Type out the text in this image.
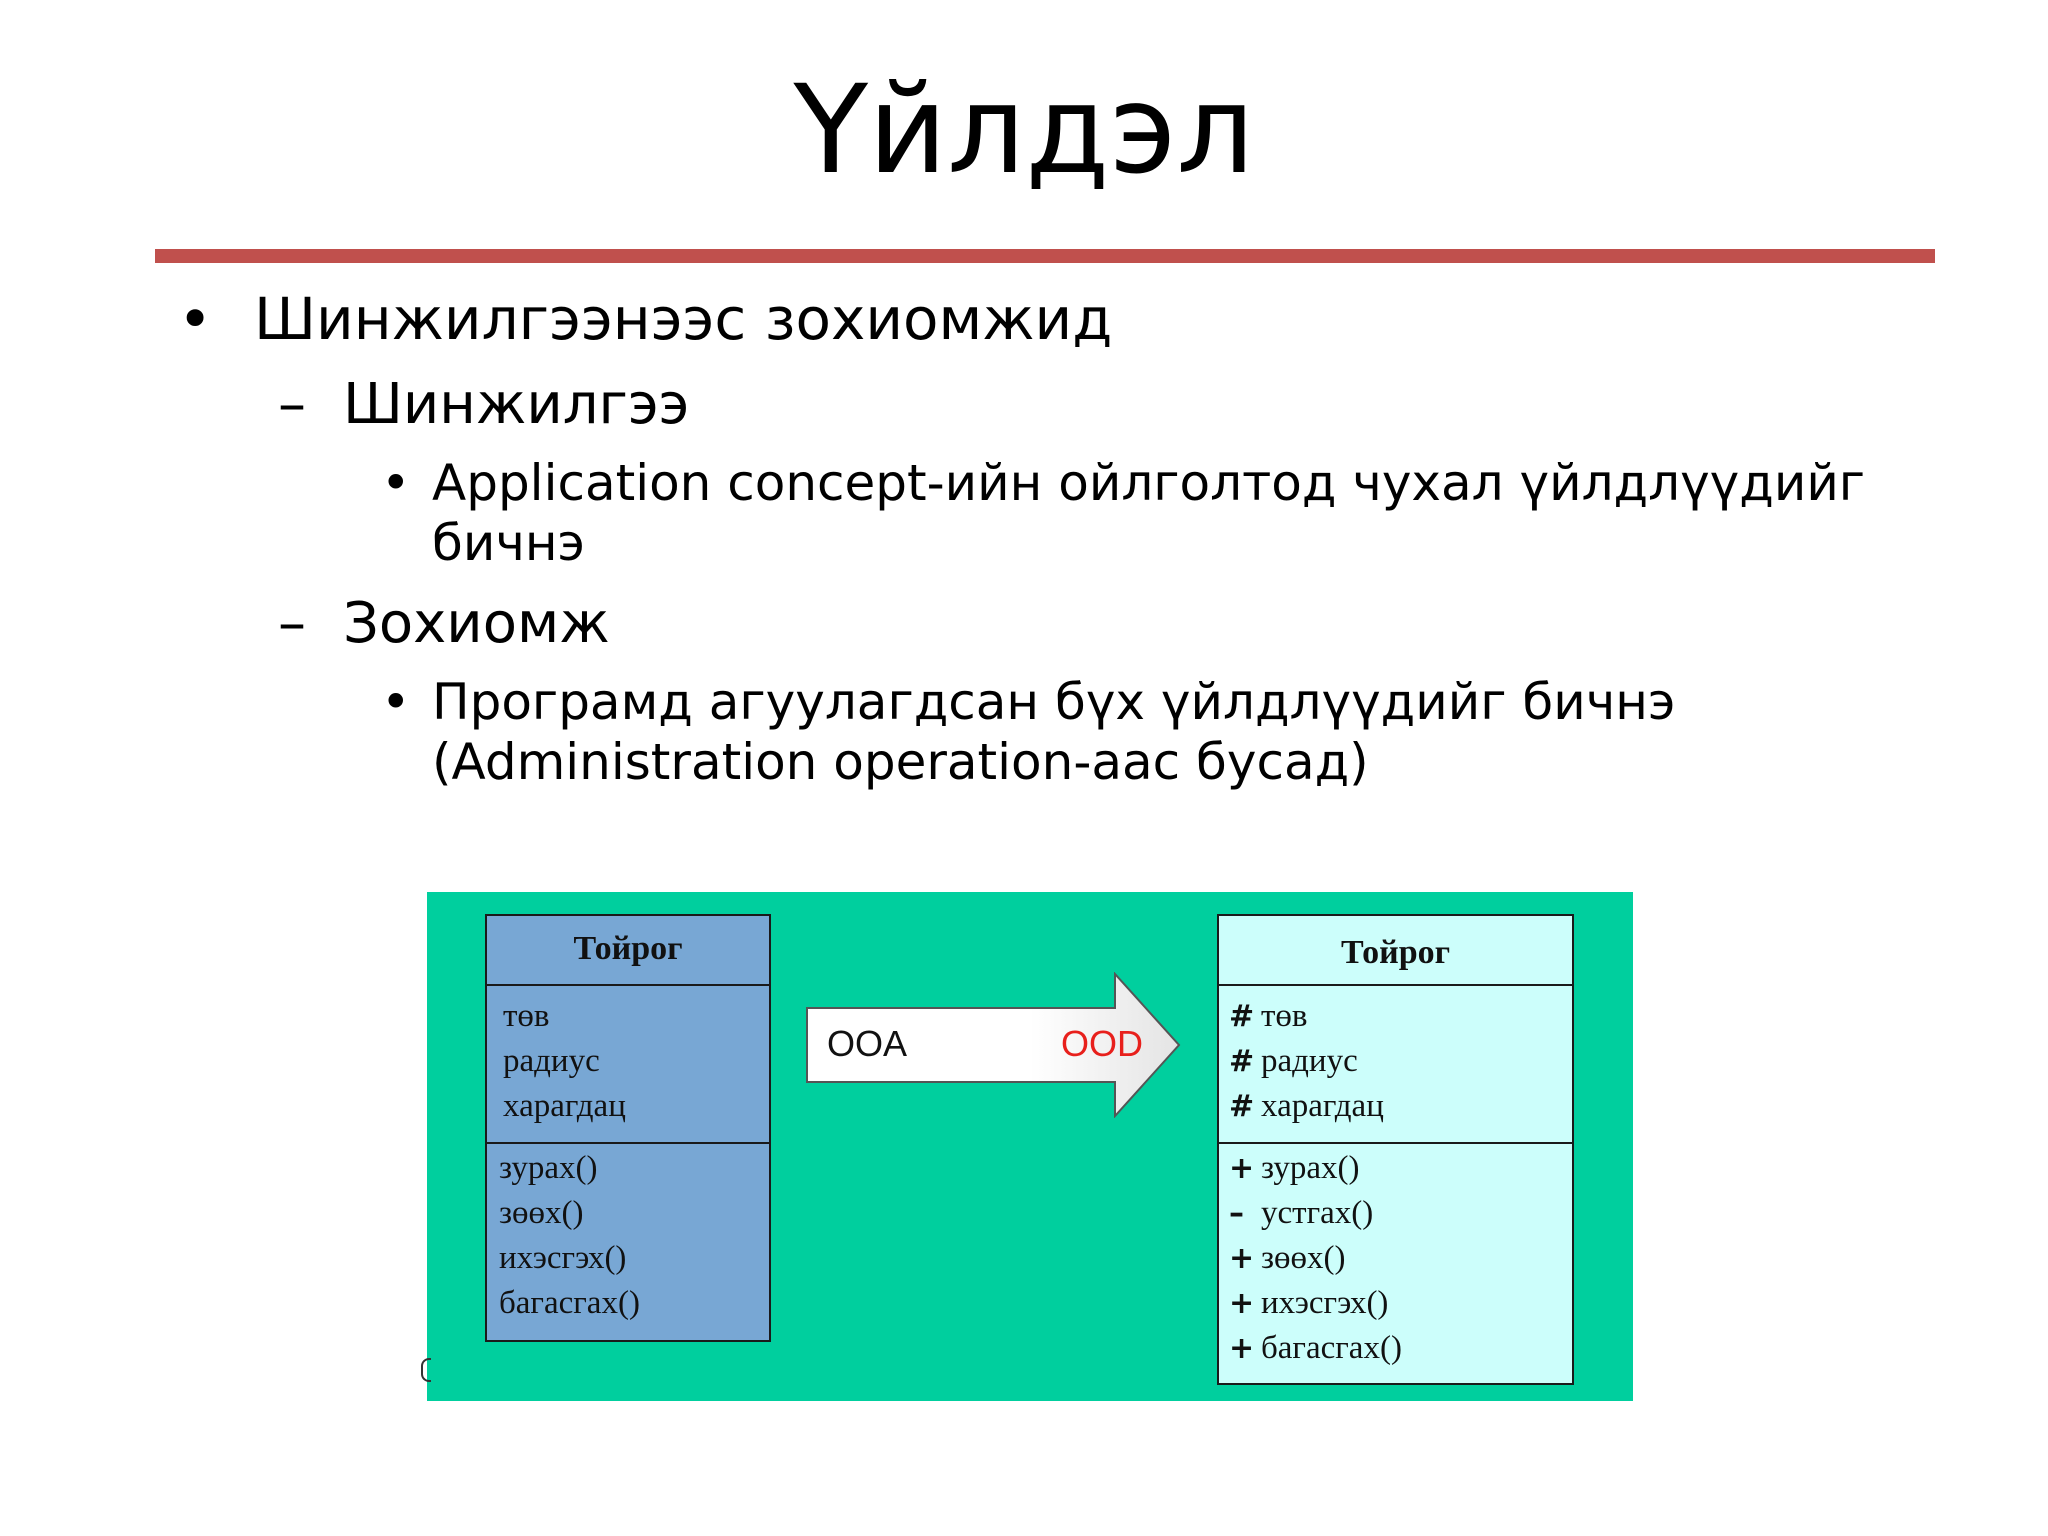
Үйлдэл
• Шинжилгээнээс зохиомжид
– Шинжилгээ
• Application concept-ийн ойлголтод чухал үйлдлүүдийг
бичнэ
– Зохиомж
• Програмд агуулагдсан бүх үйлдлүүдийг бичнэ
(Administration operation-аас бусад)
Тойрог
төв
радиус
харагдац
зурах()
зөөх()
ихэсгэх()
багасгах()
OOA	OOD
Тойрог
# төв
# радиус
# харагдац
+ зурах()
– устгах()
+ зөөх()
+ ихэсгэх()
+ багасгах()
